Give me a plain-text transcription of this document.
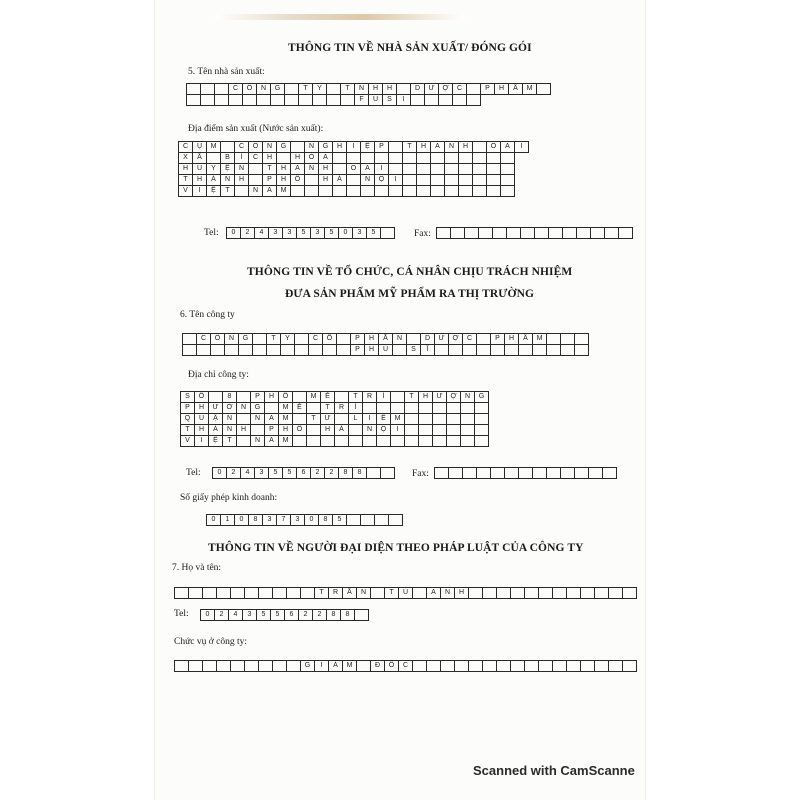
THÔNG TIN VỀ NHÀ SẢN XUẤT/ ĐÓNG GÓI
5. Tên nhà sản xuất:
C	Ô	N	G	T	Y	T	N	H	H	D	Ư	Ợ	C	P	H	Ẩ	M
F	U	S	I
Địa điểm sản xuất (Nước sản xuất):
C	Ụ	M	C	Ô	N	G	N	G	H	I	Ệ	P	T	H	A	N	H	O	A	I
X	Ã	B	Í	C	H	H	Ò	A
H	U	Y	Ệ	N	T	H	A	N	H	O	A	I
T	H	À	N	H	P	H	Ố	H	À	N	Ộ	I
V	I	Ệ	T	N	A	M
Tel:	0	2	4	3	3	5	3	5	0	3	5	Fax:
THÔNG TIN VỀ TỔ CHỨC, CÁ NHÂN CHỊU TRÁCH NHIỆM
ĐƯA SẢN PHẨM MỸ PHẨM RA THỊ TRƯỜNG
6. Tên công ty
C	Ô	N	G	T	Y	C	Ổ	P	H	Ầ	N	D	Ư	Ợ	C	P	H	Ẩ	M
P	H	Ú	S	Ĩ
Địa chỉ công ty:
S	Ố	8	P	H	Ố	M	Ễ	T	R	Ì	T	H	Ư	Ợ	N	G
P	H	Ư	Ờ	N	G	M	Ễ	T	R	Ì
Q	U	Ậ	N	N	A	M	T	Ừ	L	I	Ê	M
T	H	À	N	H	P	H	Ố	H	À	N	Ộ	I
V	I	Ệ	T	N	A	M
Tel:	0	2	4	3	5	5	6	2	2	8	8	Fax:
Số giấy phép kinh doanh:
0	1	0	8	3	7	3	0	8	5
THÔNG TIN VỀ NGƯỜI ĐẠI DIỆN THEO PHÁP LUẬT CỦA CÔNG TY
7. Họ và tên:
T	R	Ầ	N	T	Ú	A	N	H
Tel:	0	2	4	3	5	5	6	2	2	8	8
Chức vụ ở công ty:
G	I	Á	M	Đ	Ố	C
Scanned with CamScanne
